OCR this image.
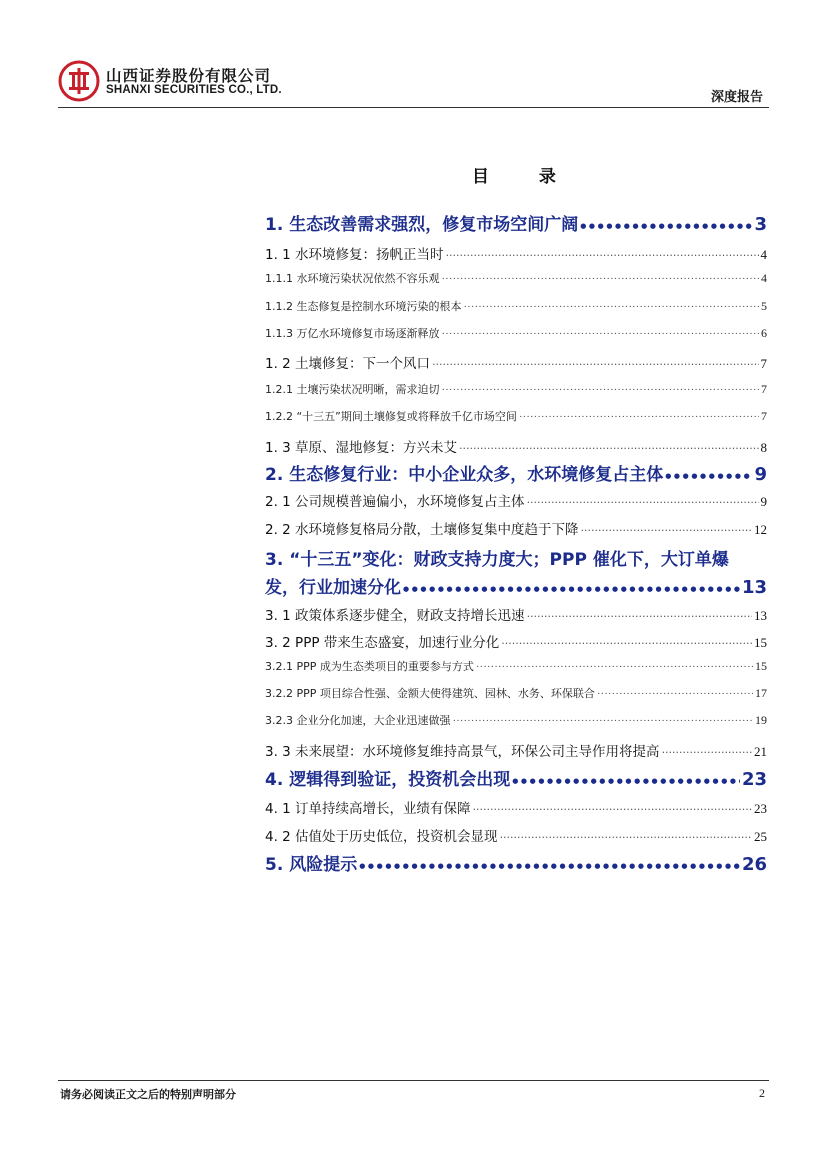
山西证券股份有限公司
SHANXI SECURITIES CO., LTD.	深度报告
目 录
1. 生态改善需求强烈，修复市场空间广阔 ●●●●●●●●●●●●●●●●●●●●●●●●●●●●●●●●●●●●●●●●●●●●●●●●●●●●●●●●●●●●●●●●●●●●●●●●●●●●●●●●	3
1. 1 水环境修复：扬帆正当时 ·····	4
1.1.1 水环境污染状况依然不容乐观 ·····	4
1.1.2 生态修复是控制水环境污染的根本 ·····	5
1.1.3 万亿水环境修复市场逐渐释放 ·····	6
1. 2 土壤修复：下一个风口 ·····	7
1.2.1 土壤污染状况明晰，需求迫切 ·····	7
1.2.2 “十三五”期间土壤修复或将释放千亿市场空间 ·····	7
1. 3 草原、湿地修复：方兴未艾 ·····	8
2. 生态修复行业：中小企业众多，水环境修复占主体 ●●●●●●●●●●●●●●●●●●●●●●●●●●●●●●●●●●●●●●●●●●●●●●●●●●●●●●●●●●●●●●●●●●●●●●●●●●●●●●●●	9
2. 1 公司规模普遍偏小，水环境修复占主体 ·····	9
2. 2 水环境修复格局分散，土壤修复集中度趋于下降 ·····	12
3. “十三五”变化：财政支持力度大；PPP 催化下，大订单爆
发，行业加速分化 ●●●●●●●●●●●●●●●●●●●●●●●●●●●●●●●●●●●●●●●●●●●●●●●●●●●●●●●●●●●●●●●●●●●●●●●●●●●●●●●●	13
3. 1 政策体系逐步健全，财政支持增长迅速 ·····	13
3. 2 PPP 带来生态盛宴，加速行业分化 ·····	15
3.2.1 PPP 成为生态类项目的重要参与方式 ·····	15
3.2.2 PPP 项目综合性强、金额大使得建筑、园林、水务、环保联合 ·····	17
3.2.3 企业分化加速，大企业迅速做强 ·····	19
3. 3 未来展望：水环境修复维持高景气，环保公司主导作用将提高 ·····	21
4. 逻辑得到验证，投资机会出现 ●●●●●●●●●●●●●●●●●●●●●●●●●●●●●●●●●●●●●●●●●●●●●●●●●●●●●●●●●●●●●●●●●●●●●●●●●●●●●●●●	23
4. 1 订单持续高增长，业绩有保障 ·····	23
4. 2 估值处于历史低位，投资机会显现 ·····	25
5. 风险提示 ●●●●●●●●●●●●●●●●●●●●●●●●●●●●●●●●●●●●●●●●●●●●●●●●●●●●●●●●●●●●●●●●●●●●●●●●●●●●●●●●	26
请务必阅读正文之后的特别声明部分	2
